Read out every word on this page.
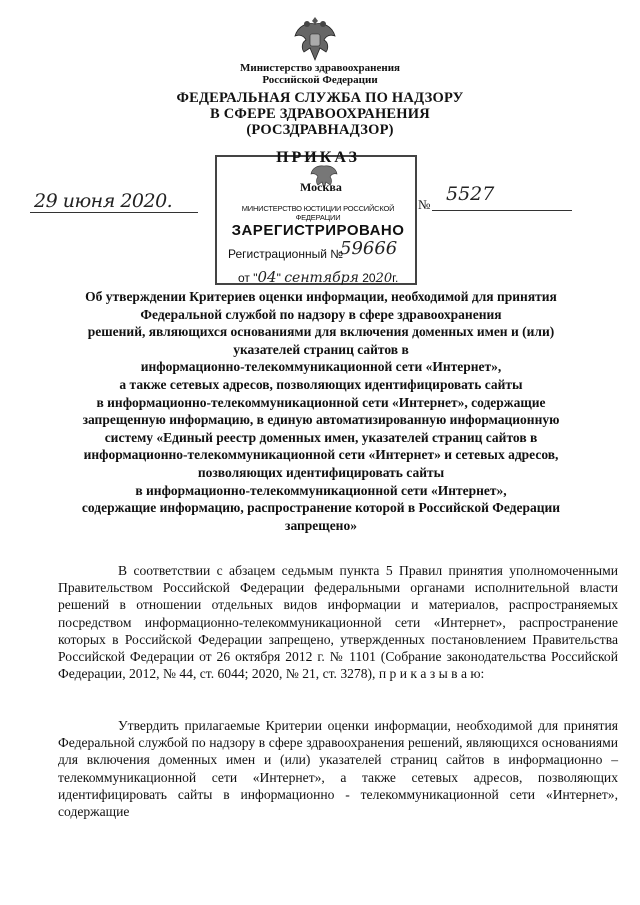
Министерство здравоохранения
Российской Федерации
ФЕДЕРАЛЬНАЯ СЛУЖБА ПО НАДЗОРУ
В СФЕРЕ ЗДРАВООХРАНЕНИЯ
(РОСЗДРАВНАДЗОР)
ПРИКАЗ
Москва
МИНИСТЕРСТВО ЮСТИЦИИ РОССИЙСКОЙ ФЕДЕРАЦИИ
ЗАРЕГИСТРИРОВАНО
Регистрационный №
59666
от "04" сентября 2020г.
29 июня 2020.	№ 5527
Об утверждении Критериев оценки информации, необходимой для принятия
Федеральной службой по надзору в сфере здравоохранения
решений, являющихся основаниями для включения доменных имен и (или)
указателей страниц сайтов в
информационно-телекоммуникационной сети «Интернет»,
а также сетевых адресов, позволяющих идентифицировать сайты
в информационно-телекоммуникационной сети «Интернет», содержащие
запрещенную информацию, в единую автоматизированную информационную
систему «Единый реестр доменных имен, указателей страниц сайтов в
информационно-телекоммуникационной сети «Интернет» и сетевых адресов,
позволяющих идентифицировать сайты
в информационно-телекоммуникационной сети «Интернет»,
содержащие информацию, распространение которой в Российской Федерации
запрещено»

В соответствии с абзацем седьмым пункта 5 Правил принятия уполномоченными Правительством Российской Федерации федеральными органами исполнительной власти решений в отношении отдельных видов информации и материалов, распространяемых посредством информационно-телекоммуникационной сети «Интернет», распространение которых в Российской Федерации запрещено, утвержденных постановлением Правительства Российской Федерации от 26 октября 2012 г. № 1101 (Собрание законодательства Российской Федерации, 2012, № 44, ст. 6044; 2020, № 21, ст. 3278), п р и к а з ы в а ю:

Утвердить прилагаемые Критерии оценки информации, необходимой для принятия Федеральной службой по надзору в сфере здравоохранения решений, являющихся основаниями для включения доменных имен и (или) указателей страниц сайтов в информационно – телекоммуникационной сети «Интернет», а также сетевых адресов, позволяющих идентифицировать сайты в информационно - телекоммуникационной сети «Интернет», содержащие
